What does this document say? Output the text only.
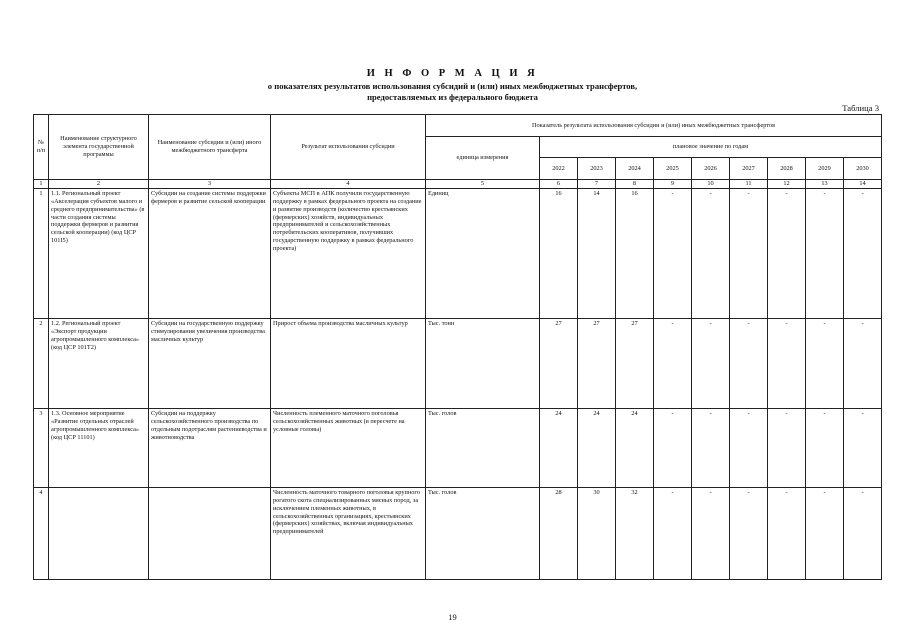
И Н Ф О Р М А Ц И Я
о показателях результатов использования субсидий и (или) иных межбюджетных трансфертов,
предоставляемых из федерального бюджета
Таблица 3
№ п/п	Наименование структурного элемента государственной программы	Наименование субсидии и (или) иного межбюджетного трансферта	Результат использования субсидии	Показатель результата использования субсидии и (или) иных межбюджетных трансфертов									
				единица измерения	плановое значение по годам								
					2022	2023	2024	2025	2026	2027	2028	2029	2030
1	2	3	4	5	6	7	8	9	10	11	12	13	14
1	1.1. Региональный проект «Акселерация субъектов малого и среднего предпринимательства» (в части создания системы поддержки фермеров и развития сельской кооперации) (код ЦСР 101I5)	Субсидии на создание системы поддержки фермеров и развитие сельской кооперации	Субъекты МСП в АПК получили государственную поддержку в рамках федерального проекта на создание и развитие производств (количество крестьянских (фермерских) хозяйств, индивидуальных предпринимателей и сельскохозяйственных потребительских кооперативов, получивших государственную поддержку в рамках федерального проекта)	Единиц	16	14	16	-	-	-	-	-	-
2	1.2. Региональный проект «Экспорт продукции агропромышленного комплекса» (код ЦСР 101Т2)	Субсидии на государственную поддержку стимулирования увеличения производства масличных культур	Прирост объема производства масличных культур	Тыс. тонн	27	27	27	-	-	-	-	-	-
3	1.3. Основное мероприятие «Развитие отдельных отраслей агропромышленного комплекса» (код ЦСР 11101)	Субсидии на поддержку сельскохозяйственного производства по отдельным подотраслям растениеводства и животноводства	Численность племенного маточного поголовья сельскохозяйственных животных (в пересчете на условные головы)	Тыс. голов	24	24	24	-	-	-	-	-	-
4			Численность маточного товарного поголовья крупного рогатого скота специализированных мясных пород, за исключением племенных животных, в сельскохозяйственных организациях, крестьянских (фермерских) хозяйствах, включая индивидуальных предпринимателей	Тыс. голов	28	30	32	-	-	-	-	-	-
19
